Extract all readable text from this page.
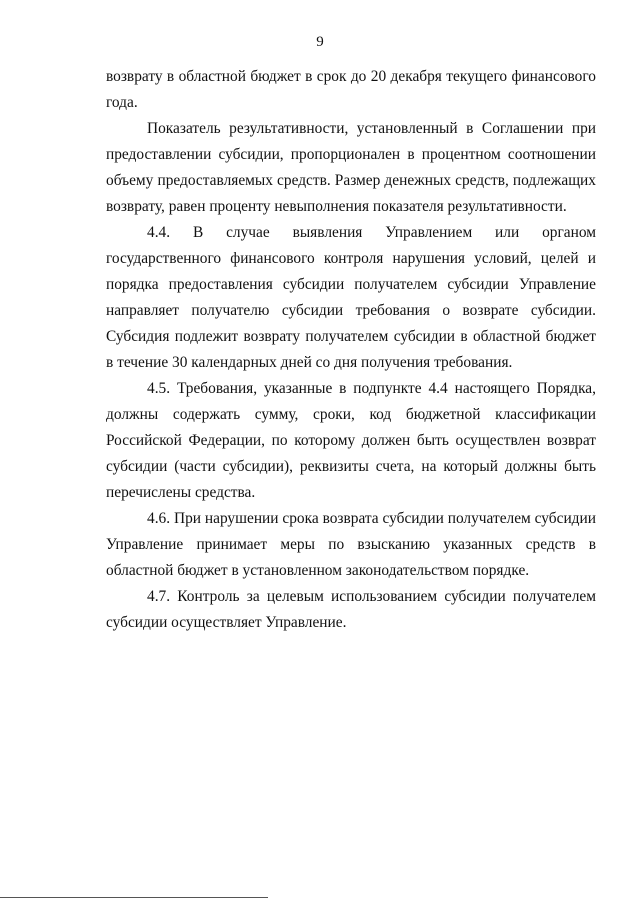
9

возврату в областной бюджет в срок до 20 декабря текущего финансового года.

Показатель результативности, установленный в Соглашении при предоставлении субсидии, пропорционален в процентном соотношении объему предоставляемых средств. Размер денежных средств, подлежащих возврату, равен проценту невыполнения показателя результативности.

4.4. В случае выявления Управлением или органом государственного финансового контроля нарушения условий, целей и порядка предоставления субсидии получателем субсидии Управление направляет получателю субсидии требования о возврате субсидии. Субсидия подлежит возврату получателем субсидии в областной бюджет в течение 30 календарных дней со дня получения требования.

4.5. Требования, указанные в подпункте 4.4 настоящего Порядка, должны содержать сумму, сроки, код бюджетной классификации Российской Федерации, по которому должен быть осуществлен возврат субсидии (части субсидии), реквизиты счета, на который должны быть перечислены средства.

4.6. При нарушении срока возврата субсидии получателем субсидии Управление принимает меры по взысканию указанных средств в областной бюджет в установленном законодательством порядке.

4.7. Контроль за целевым использованием субсидии получателем субсидии осуществляет Управление.
